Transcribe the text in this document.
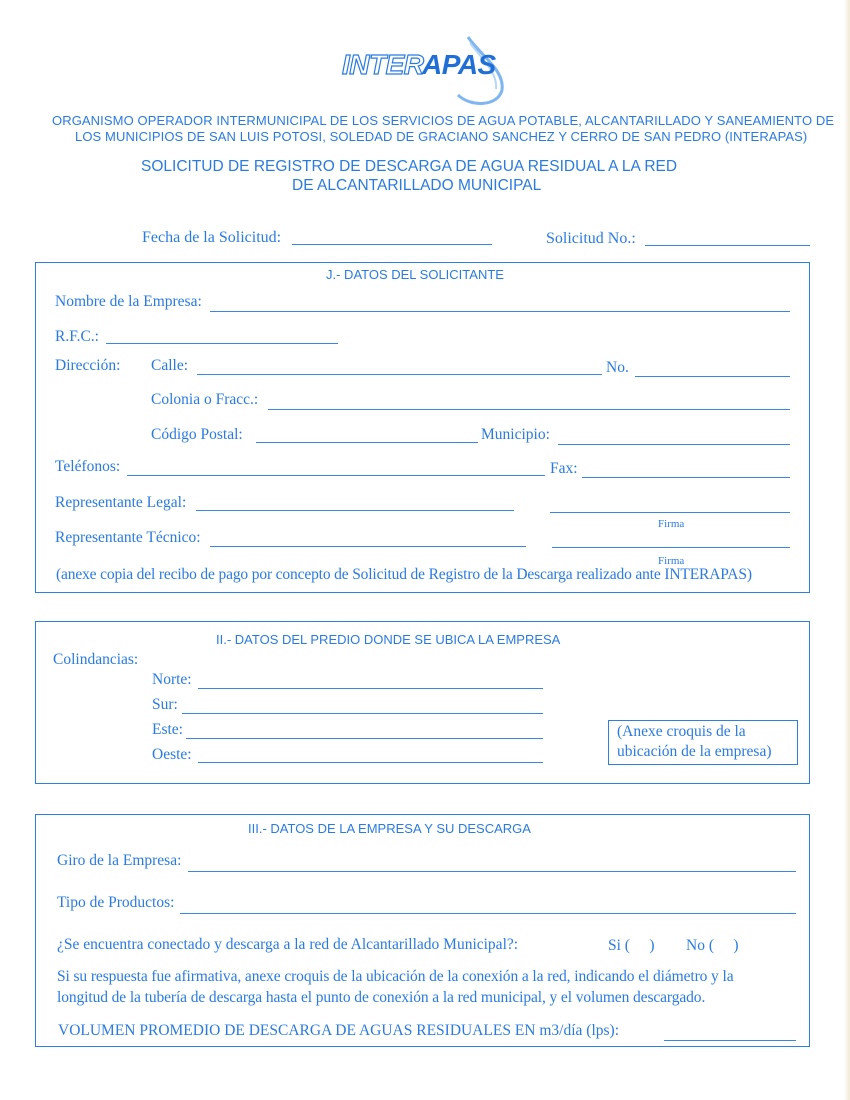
INTER
APAS
ORGANISMO OPERADOR INTERMUNICIPAL DE LOS SERVICIOS DE AGUA POTABLE, ALCANTARILLADO Y SANEAMIENTO DE
LOS MUNICIPIOS DE SAN LUIS POTOSI, SOLEDAD DE GRACIANO SANCHEZ Y CERRO DE SAN PEDRO (INTERAPAS)
SOLICITUD DE REGISTRO DE DESCARGA DE AGUA RESIDUAL A LA RED
DE ALCANTARILLADO MUNICIPAL
Fecha de la Solicitud:	Solicitud No.:
J.- DATOS DEL SOLICITANTE
Nombre de la Empresa:
R.F.C.:
Dirección: Calle:	No.
Colonia o Fracc.:
Código Postal:	Municipio:
Teléfonos:	Fax:
Representante Legal:
Firma
Representante Técnico:
Firma
(anexe copia del recibo de pago por concepto de Solicitud de Registro de la Descarga realizado ante INTERAPAS)
II.- DATOS DEL PREDIO DONDE SE UBICA LA EMPRESA
Colindancias:
Norte:
Sur:
Este:
Oeste:
(Anexe croquis de la
ubicación de la empresa)
III.- DATOS DE LA EMPRESA Y SU DESCARGA
Giro de la Empresa:
Tipo de Productos:
¿Se encuentra conectado y descarga a la red de Alcantarillado Municipal?:	Si (     ) No (     )
Si su respuesta fue afirmativa, anexe croquis de la ubicación de la conexión a la red, indicando el diámetro y la
longitud de la tubería de descarga hasta el punto de conexión a la red municipal, y el volumen descargado.
VOLUMEN PROMEDIO DE DESCARGA DE AGUAS RESIDUALES EN m3/día (lps):
